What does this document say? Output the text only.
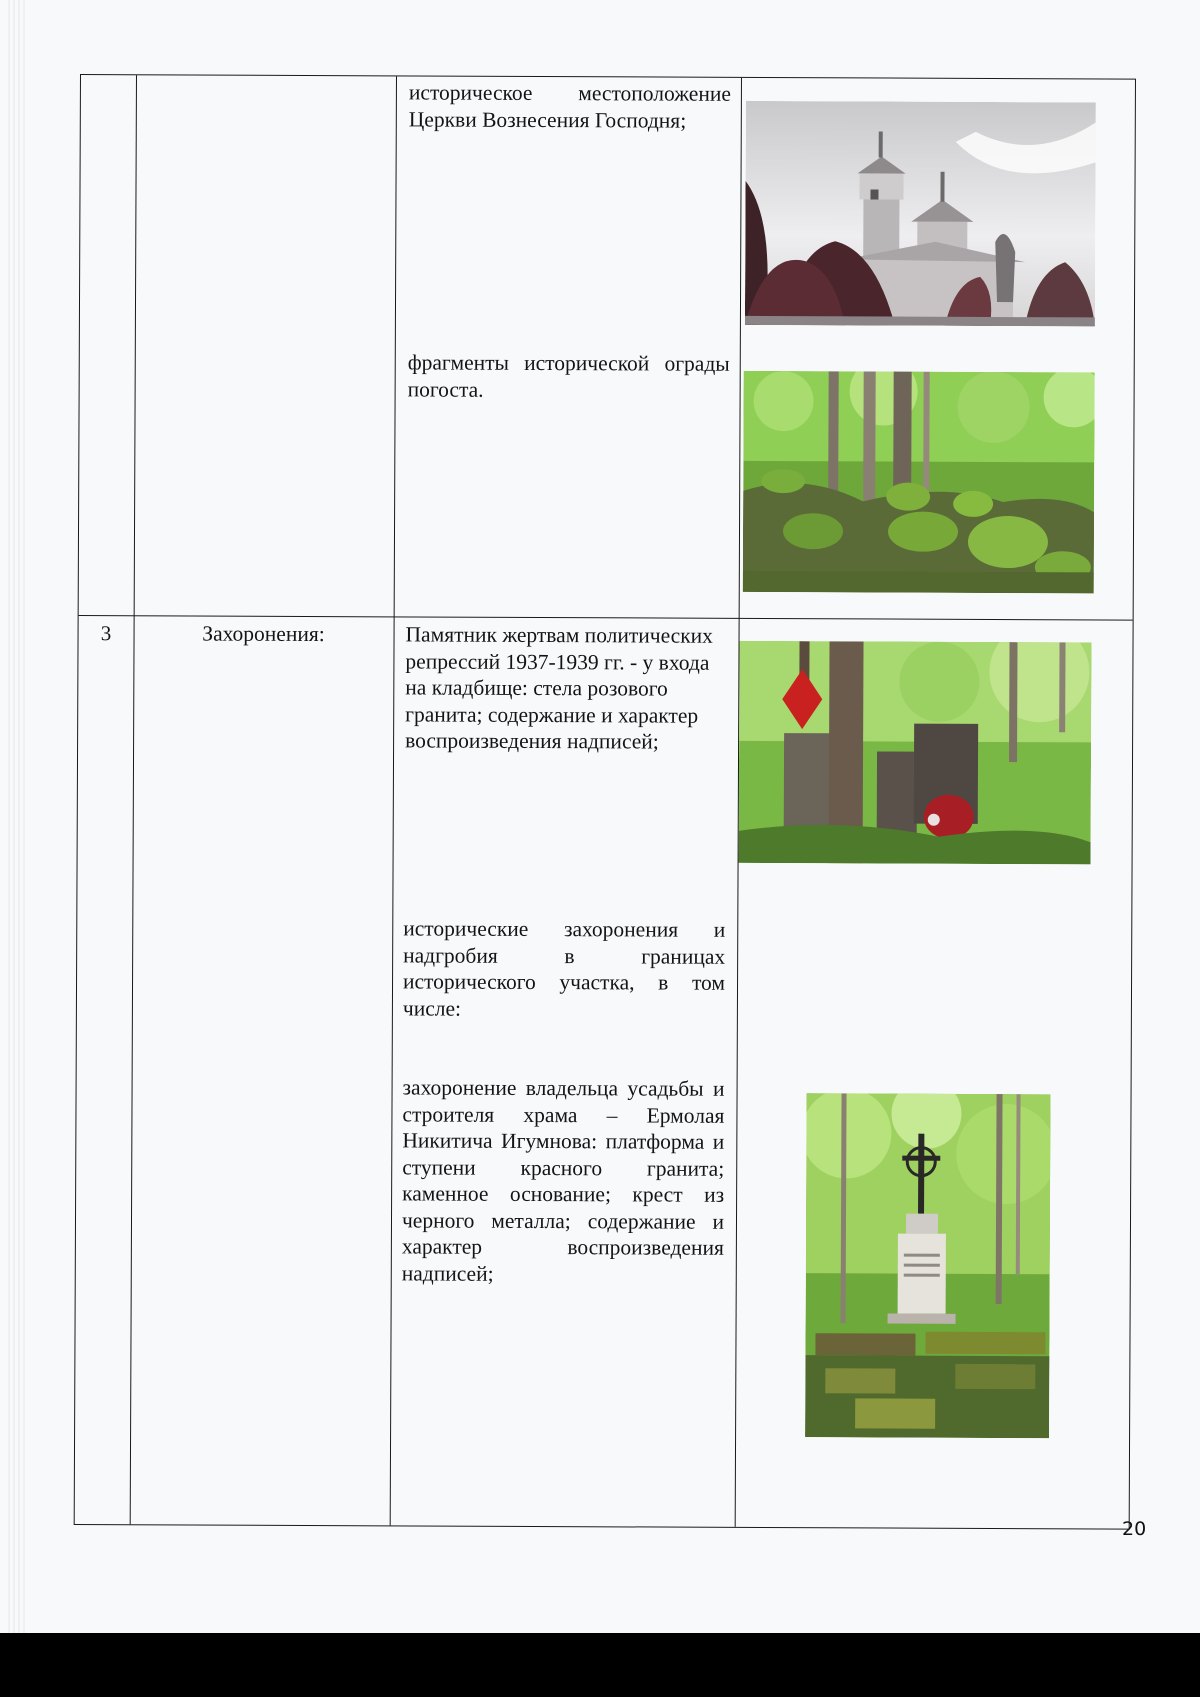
историческое местоположение Церкви Вознесения Господня;

фрагменты исторической ограды погоста.

3	Захоронения:	Памятник жертвам политических репрессий 1937-1939 гг. - у входа на кладбище: стела розового гранита; содержание и характер воспроизведения надписей;

исторические захоронения и надгробия в границах исторического участка, в том числе:

захоронение владельца усадьбы и строителя храма – Ермолая Никитича Игумнова: платформа и ступени красного гранита; каменное основание; крест из черного металла; содержание и характер воспроизведения надписей;

20
